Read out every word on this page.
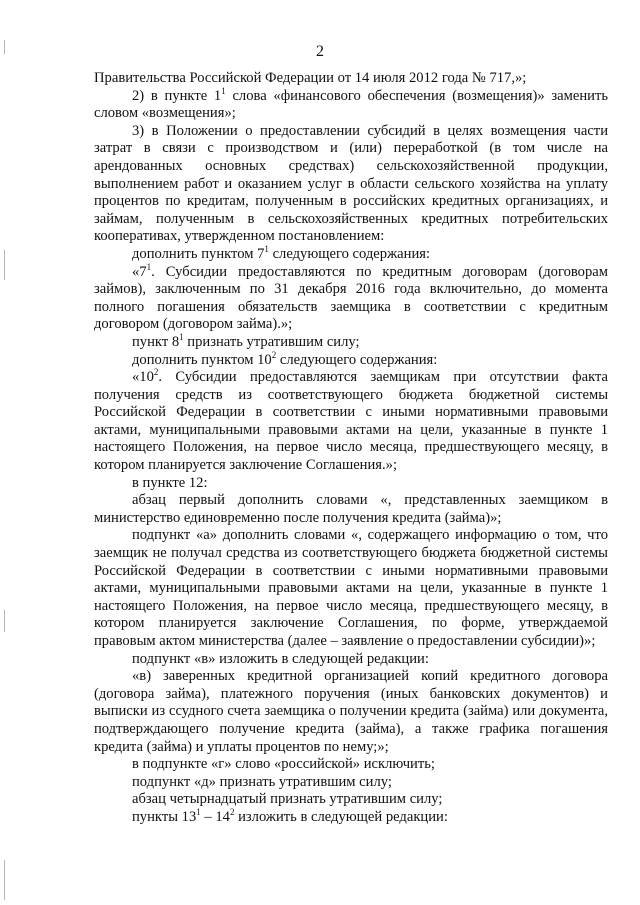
2

Правительства Российской Федерации от 14 июля 2012 года № 717,»;

2) в пункте $1^1$ слова «финансового обеспечения (возмещения)» заменить словом «возмещения»;

3) в Положении о предоставлении субсидий в целях возмещения части затрат в связи с производством и (или) переработкой (в том числе на арендованных основных средствах) сельскохозяйственной продукции, выполнением работ и оказанием услуг в области сельского хозяйства на уплату процентов по кредитам, полученным в российских кредитных организациях, и займам, полученным в сельскохозяйственных кредитных потребительских кооперативах, утвержденном постановлением:

дополнить пунктом $7^1$ следующего содержания:

«$7^1$. Субсидии предоставляются по кредитным договорам (договорам займов), заключенным по 31 декабря 2016 года включительно, до момента полного погашения обязательств заемщика в соответствии с кредитным договором (договором займа).»;

пункт $8^1$ признать утратившим силу;

дополнить пунктом $10^2$ следующего содержания:

«$10^2$. Субсидии предоставляются заемщикам при отсутствии факта получения средств из соответствующего бюджета бюджетной системы Российской Федерации в соответствии с иными нормативными правовыми актами, муниципальными правовыми актами на цели, указанные в пункте 1 настоящего Положения, на первое число месяца, предшествующего месяцу, в котором планируется заключение Соглашения.»;

в пункте 12:

абзац первый дополнить словами «, представленных заемщиком в министерство единовременно после получения кредита (займа)»;

подпункт «а» дополнить словами «, содержащего информацию о том, что заемщик не получал средства из соответствующего бюджета бюджетной системы Российской Федерации в соответствии с иными нормативными правовыми актами, муниципальными правовыми актами на цели, указанные в пункте 1 настоящего Положения, на первое число месяца, предшествующего месяцу, в котором планируется заключение Соглашения, по форме, утверждаемой правовым актом министерства (далее – заявление о предоставлении субсидии)»;

подпункт «в» изложить в следующей редакции:

«в) заверенных кредитной организацией копий кредитного договора (договора займа), платежного поручения (иных банковских документов) и выписки из ссудного счета заемщика о получении кредита (займа) или документа, подтверждающего получение кредита (займа), а также графика погашения кредита (займа) и уплаты процентов по нему;»;

в подпункте «г» слово «российской» исключить;

подпункт «д» признать утратившим силу;

абзац четырнадцатый признать утратившим силу;

пункты $13^1 - 14^2$ изложить в следующей редакции:
